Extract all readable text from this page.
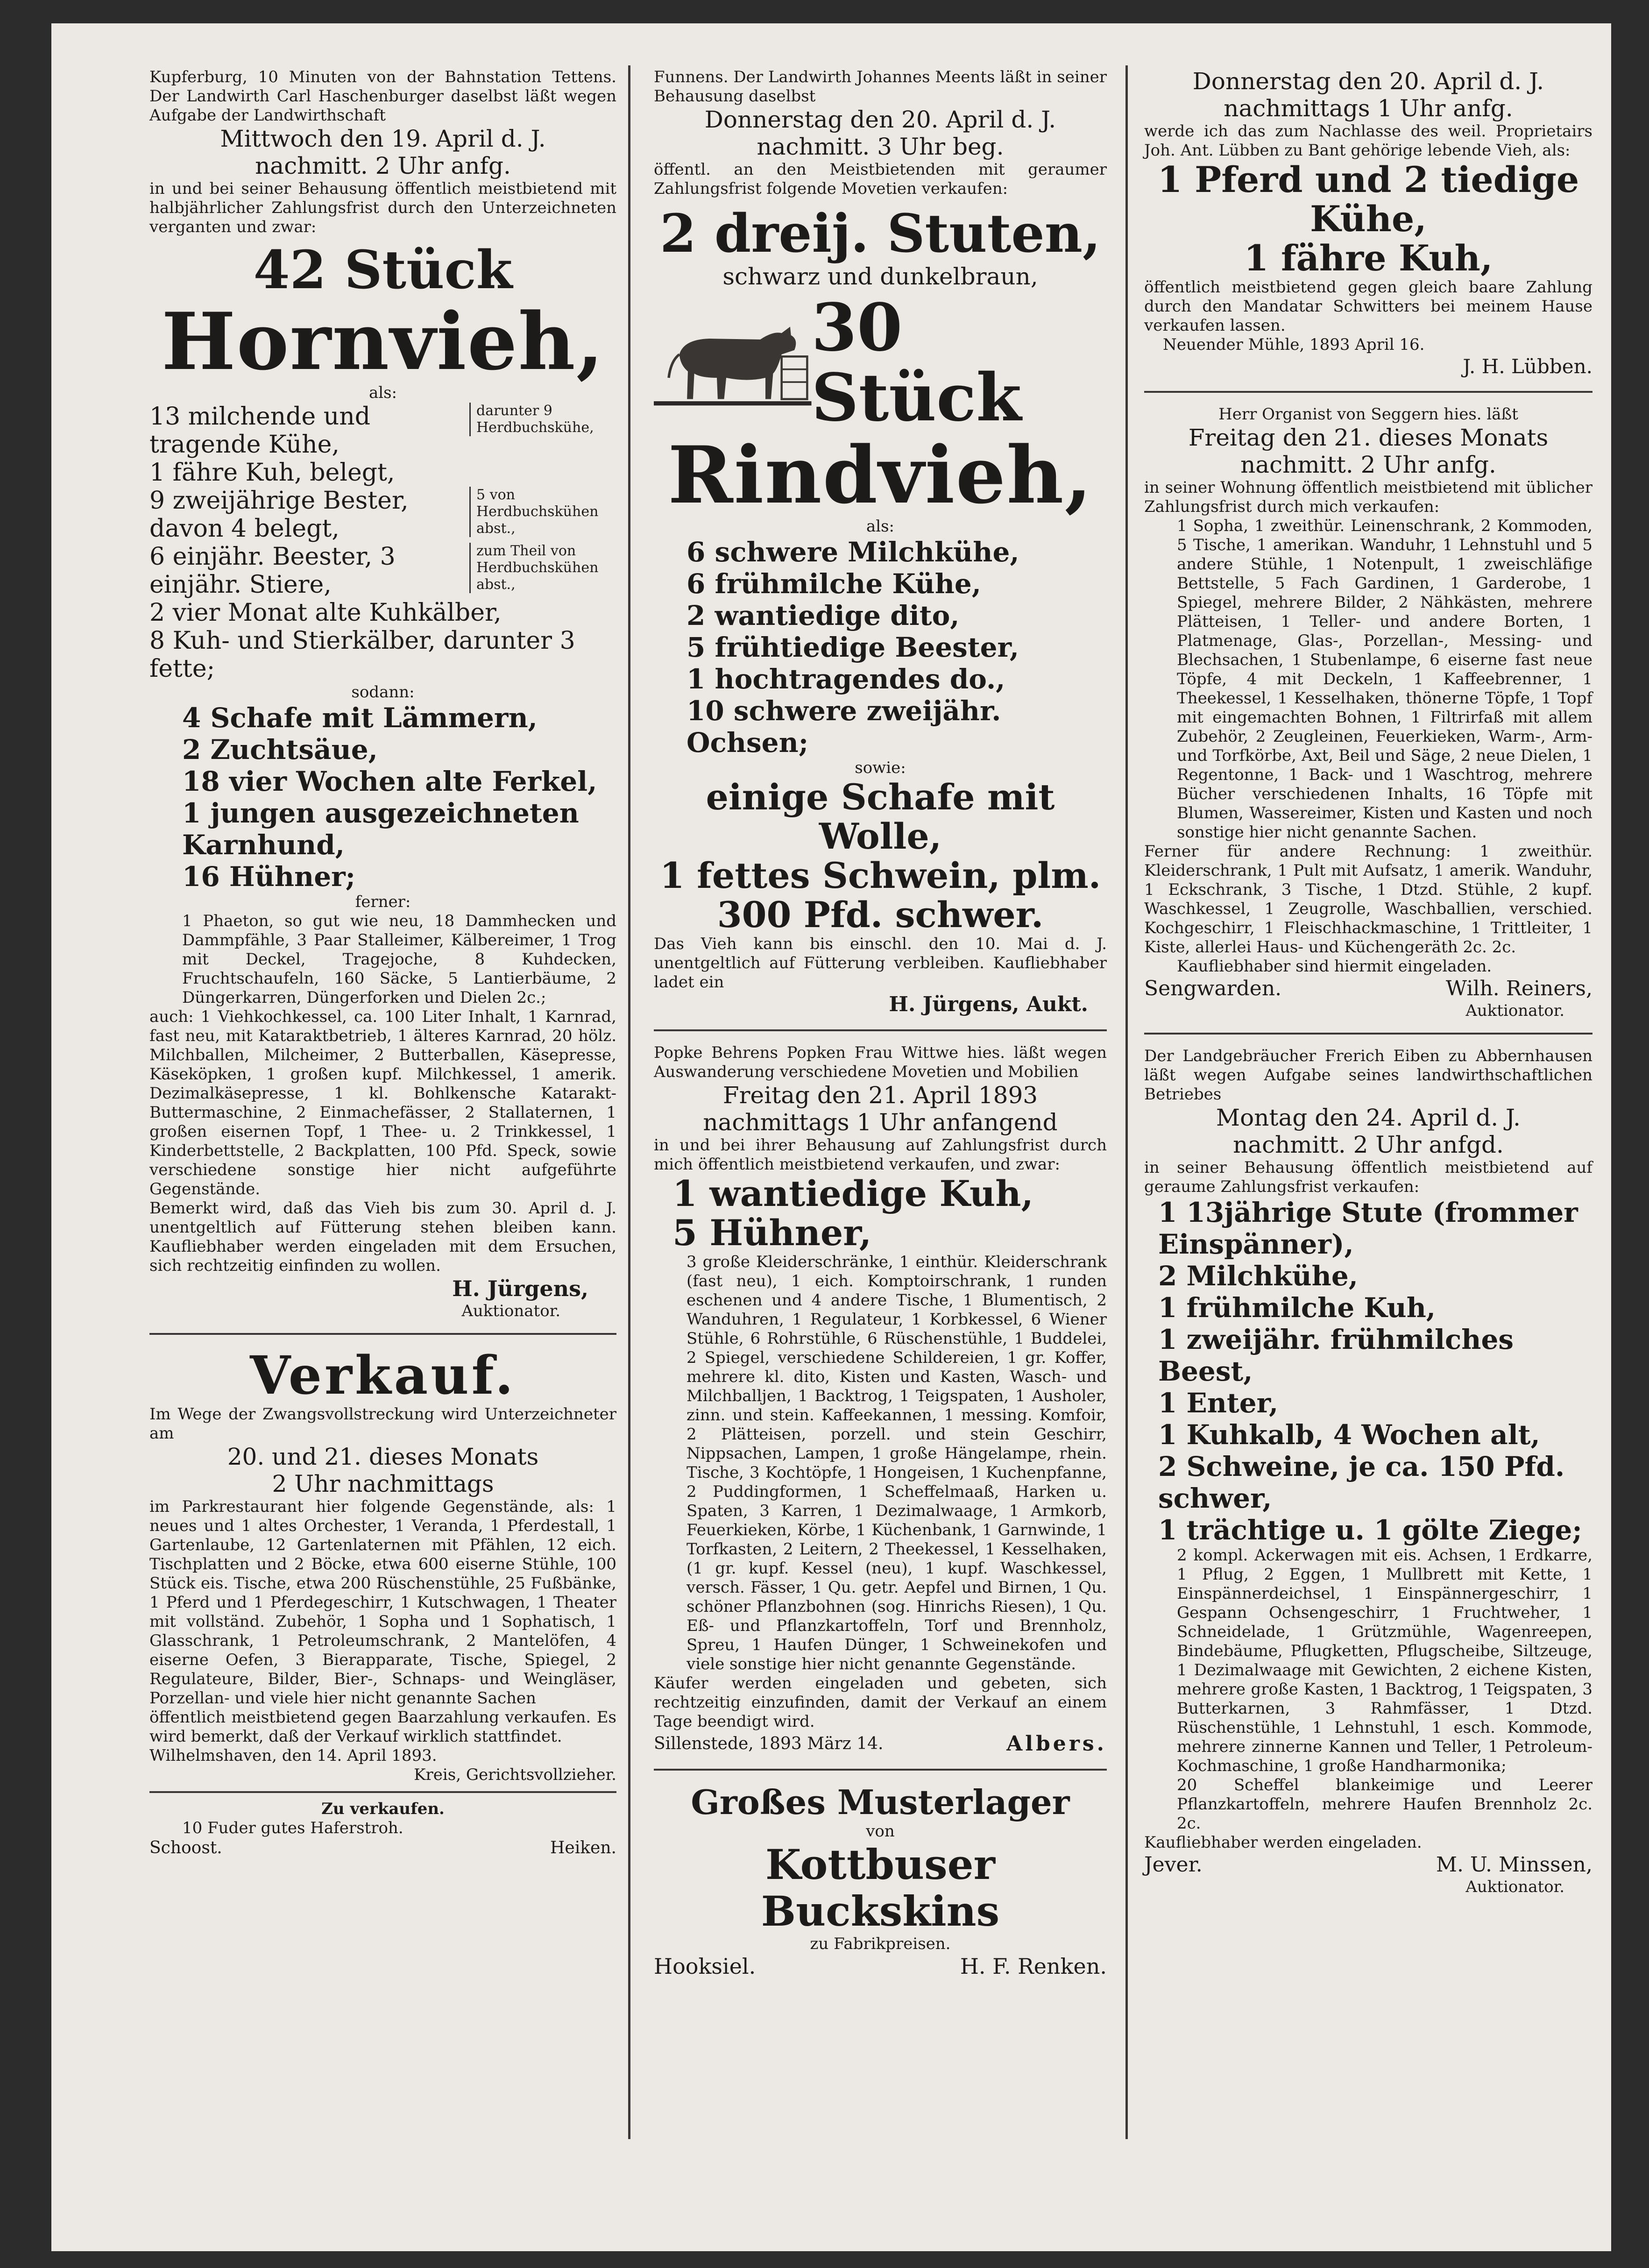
Kupferburg, 10 Minuten von der Bahnstation Tettens. Der Landwirth Carl Haschenburger daselbst läßt wegen Aufgabe der Landwirthschaft

Mittwoch den 19. April d. J.

nachmitt. 2 Uhr anfg.

in und bei seiner Behausung öffentlich meistbietend mit halbjährlicher Zahlungsfrist durch den Unterzeichneten verganten und zwar:

42 Stück

Hornvieh,

als:

13 milchende und tragende Kühe,

darunter 9 Herdbuchskühe,

1 fähre Kuh, belegt,

9 zweijährige Bester, davon 4 belegt,

5 von Herdbuchskühen abst.,

6 einjähr. Beester, 3 einjähr. Stiere,

zum Theil von Herdbuchskühen abst.,

2 vier Monat alte Kuhkälber,

8 Kuh- und Stierkälber, darunter 3 fette;

sodann:

4 Schafe mit Lämmern,

2 Zuchtsäue,

18 vier Wochen alte Ferkel,

1 jungen ausgezeichneten Karnhund,

16 Hühner;

ferner:

1 Phaeton, so gut wie neu, 18 Dammhecken und Dammpfähle, 3 Paar Stalleimer, Kälbereimer, 1 Trog mit Deckel, Tragejoche, 8 Kuhdecken, Fruchtschaufeln, 160 Säcke, 5 Lantierbäume, 2 Düngerkarren, Düngerforken und Dielen 2c.;

auch: 1 Viehkochkessel, ca. 100 Liter Inhalt, 1 Karnrad, fast neu, mit Kataraktbetrieb, 1 älteres Karnrad, 20 hölz. Milchballen, Milcheimer, 2 Butterballen, Käsepresse, Käseköpken, 1 großen kupf. Milchkessel, 1 amerik. Dezimalkäsepresse, 1 kl. Bohlkensche Katarakt-Buttermaschine, 2 Einmachefässer, 2 Stallaternen, 1 großen eisernen Topf, 1 Thee- u. 2 Trinkkessel, 1 Kinderbettstelle, 2 Backplatten, 100 Pfd. Speck, sowie verschiedene sonstige hier nicht aufgeführte Gegenstände.

Bemerkt wird, daß das Vieh bis zum 30. April d. J. unentgeltlich auf Fütterung stehen bleiben kann. Kaufliebhaber werden eingeladen mit dem Ersuchen, sich rechtzeitig einfinden zu wollen.

H. Jürgens,

Auktionator.

Verkauf.

Im Wege der Zwangsvollstreckung wird Unterzeichneter am

20. und 21. dieses Monats

2 Uhr nachmittags

im Parkrestaurant hier folgende Gegenstände, als: 1 neues und 1 altes Orchester, 1 Veranda, 1 Pferdestall, 1 Gartenlaube, 12 Gartenlaternen mit Pfählen, 12 eich. Tischplatten und 2 Böcke, etwa 600 eiserne Stühle, 100 Stück eis. Tische, etwa 200 Rüschenstühle, 25 Fußbänke, 1 Pferd und 1 Pferdegeschirr, 1 Kutschwagen, 1 Theater mit vollständ. Zubehör, 1 Sopha und 1 Sophatisch, 1 Glasschrank, 1 Petroleumschrank, 2 Mantelöfen, 4 eiserne Oefen, 3 Bierapparate, Tische, Spiegel, 2 Regulateure, Bilder, Bier-, Schnaps- und Weingläser, Porzellan- und viele hier nicht genannte Sachen

öffentlich meistbietend gegen Baarzahlung verkaufen. Es wird bemerkt, daß der Verkauf wirklich stattfindet.

Wilhelmshaven, den 14. April 1893.

Kreis, Gerichtsvollzieher.

Zu verkaufen.

10 Fuder gutes Haferstroh.

Schoost.	Heiken.

Funnens. Der Landwirth Johannes Meents läßt in seiner Behausung daselbst

Donnerstag den 20. April d. J.

nachmitt. 3 Uhr beg.

öffentl. an den Meistbietenden mit geraumer Zahlungsfrist folgende Movetien verkaufen:

2 dreij. Stuten,

schwarz und dunkelbraun,

30 Stück

Rindvieh,

als:

6 schwere Milchkühe,

6 frühmilche Kühe,

2 wantiedige dito,

5 frühtiedige Beester,

1 hochtragendes do.,

10 schwere zweijähr. Ochsen;

sowie:

einige Schafe mit Wolle,

1 fettes Schwein, plm.

300 Pfd. schwer.

Das Vieh kann bis einschl. den 10. Mai d. J. unentgeltlich auf Fütterung verbleiben. Kaufliebhaber ladet ein

H. Jürgens, Aukt.

Popke Behrens Popken Frau Wittwe hies. läßt wegen Auswanderung verschiedene Movetien und Mobilien

Freitag den 21. April 1893

nachmittags 1 Uhr anfangend

in und bei ihrer Behausung auf Zahlungsfrist durch mich öffentlich meistbietend verkaufen, und zwar:

1 wantiedige Kuh,

5 Hühner,

3 große Kleiderschränke, 1 einthür. Kleiderschrank (fast neu), 1 eich. Komptoirschrank, 1 runden eschenen und 4 andere Tische, 1 Blumentisch, 2 Wanduhren, 1 Regulateur, 1 Korbkessel, 6 Wiener Stühle, 6 Rohrstühle, 6 Rüschenstühle, 1 Buddelei, 2 Spiegel, verschiedene Schildereien, 1 gr. Koffer, mehrere kl. dito, Kisten und Kasten, Wasch- und Milchballjen, 1 Backtrog, 1 Teigspaten, 1 Ausholer, zinn. und stein. Kaffeekannen, 1 messing. Komfoir, 2 Plätteisen, porzell. und stein Geschirr, Nippsachen, Lampen, 1 große Hängelampe, rhein. Tische, 3 Kochtöpfe, 1 Hongeisen, 1 Kuchenpfanne, 2 Puddingformen, 1 Scheffelmaaß, Harken u. Spaten, 3 Karren, 1 Dezimalwaage, 1 Armkorb, Feuerkieken, Körbe, 1 Küchenbank, 1 Garnwinde, 1 Torfkasten, 2 Leitern, 2 Theekessel, 1 Kesselhaken, (1 gr. kupf. Kessel (neu), 1 kupf. Waschkessel, versch. Fässer, 1 Qu. getr. Aepfel und Birnen, 1 Qu. schöner Pflanzbohnen (sog. Hinrichs Riesen), 1 Qu. Eß- und Pflanzkartoffeln, Torf und Brennholz, Spreu, 1 Haufen Dünger, 1 Schweinekofen und viele sonstige hier nicht genannte Gegenstände.

Käufer werden eingeladen und gebeten, sich rechtzeitig einzufinden, damit der Verkauf an einem Tage beendigt wird.

Sillenstede, 1893 März 14.	Albers.

Großes Musterlager

von

Kottbuser Buckskins

zu Fabrikpreisen.

Hooksiel.	H. F. Renken.

Donnerstag den 20. April d. J.

nachmittags 1 Uhr anfg.

werde ich das zum Nachlasse des weil. Proprietairs Joh. Ant. Lübben zu Bant gehörige lebende Vieh, als:

1 Pferd und 2 tiedige Kühe,

1 fähre Kuh,

öffentlich meistbietend gegen gleich baare Zahlung durch den Mandatar Schwitters bei meinem Hause verkaufen lassen.

Neuender Mühle, 1893 April 16.

J. H. Lübben.

Herr Organist von Seggern hies. läßt

Freitag den 21. dieses Monats

nachmitt. 2 Uhr anfg.

in seiner Wohnung öffentlich meistbietend mit üblicher Zahlungsfrist durch mich verkaufen:

1 Sopha, 1 zweithür. Leinenschrank, 2 Kommoden, 5 Tische, 1 amerikan. Wanduhr, 1 Lehnstuhl und 5 andere Stühle, 1 Notenpult, 1 zweischläfige Bettstelle, 5 Fach Gardinen, 1 Garderobe, 1 Spiegel, mehrere Bilder, 2 Nähkästen, mehrere Plätteisen, 1 Teller- und andere Borten, 1 Platmenage, Glas-, Porzellan-, Messing- und Blechsachen, 1 Stubenlampe, 6 eiserne fast neue Töpfe, 4 mit Deckeln, 1 Kaffeebrenner, 1 Theekessel, 1 Kesselhaken, thönerne Töpfe, 1 Topf mit eingemachten Bohnen, 1 Filtrirfaß mit allem Zubehör, 2 Zeugleinen, Feuerkieken, Warm-, Arm- und Torfkörbe, Axt, Beil und Säge, 2 neue Dielen, 1 Regentonne, 1 Back- und 1 Waschtrog, mehrere Bücher verschiedenen Inhalts, 16 Töpfe mit Blumen, Wassereimer, Kisten und Kasten und noch sonstige hier nicht genannte Sachen.

Ferner für andere Rechnung: 1 zweithür. Kleiderschrank, 1 Pult mit Aufsatz, 1 amerik. Wanduhr, 1 Eckschrank, 3 Tische, 1 Dtzd. Stühle, 2 kupf. Waschkessel, 1 Zeugrolle, Waschballien, verschied. Kochgeschirr, 1 Fleischhackmaschine, 1 Trittleiter, 1 Kiste, allerlei Haus- und Küchengeräth 2c. 2c.

Kaufliebhaber sind hiermit eingeladen.

Sengwarden.	Wilh. Reiners,

Auktionator.

Der Landgebräucher Frerich Eiben zu Abbernhausen läßt wegen Aufgabe seines landwirthschaftlichen Betriebes

Montag den 24. April d. J.

nachmitt. 2 Uhr anfgd.

in seiner Behausung öffentlich meistbietend auf geraume Zahlungsfrist verkaufen:

1 13jährige Stute (frommer Einspänner),

2 Milchkühe,

1 frühmilche Kuh,

1 zweijähr. frühmilches Beest,

1 Enter,

1 Kuhkalb, 4 Wochen alt,

2 Schweine, je ca. 150 Pfd. schwer,

1 trächtige u. 1 gölte Ziege;

2 kompl. Ackerwagen mit eis. Achsen, 1 Erdkarre, 1 Pflug, 2 Eggen, 1 Mullbrett mit Kette, 1 Einspännerdeichsel, 1 Einspännergeschirr, 1 Gespann Ochsengeschirr, 1 Fruchtweher, 1 Schneidelade, 1 Grützmühle, Wagenreepen, Bindebäume, Pflugketten, Pflugscheibe, Siltzeuge, 1 Dezimalwaage mit Gewichten, 2 eichene Kisten, mehrere große Kasten, 1 Backtrog, 1 Teigspaten, 3 Butterkarnen, 3 Rahmfässer, 1 Dtzd. Rüschenstühle, 1 Lehnstuhl, 1 esch. Kommode, mehrere zinnerne Kannen und Teller, 1 Petroleum-Kochmaschine, 1 große Handharmonika;

20 Scheffel blankeimige und Leerer Pflanzkartoffeln, mehrere Haufen Brennholz 2c. 2c.

Kaufliebhaber werden eingeladen.

Jever.	M. U. Minssen,

Auktionator.
